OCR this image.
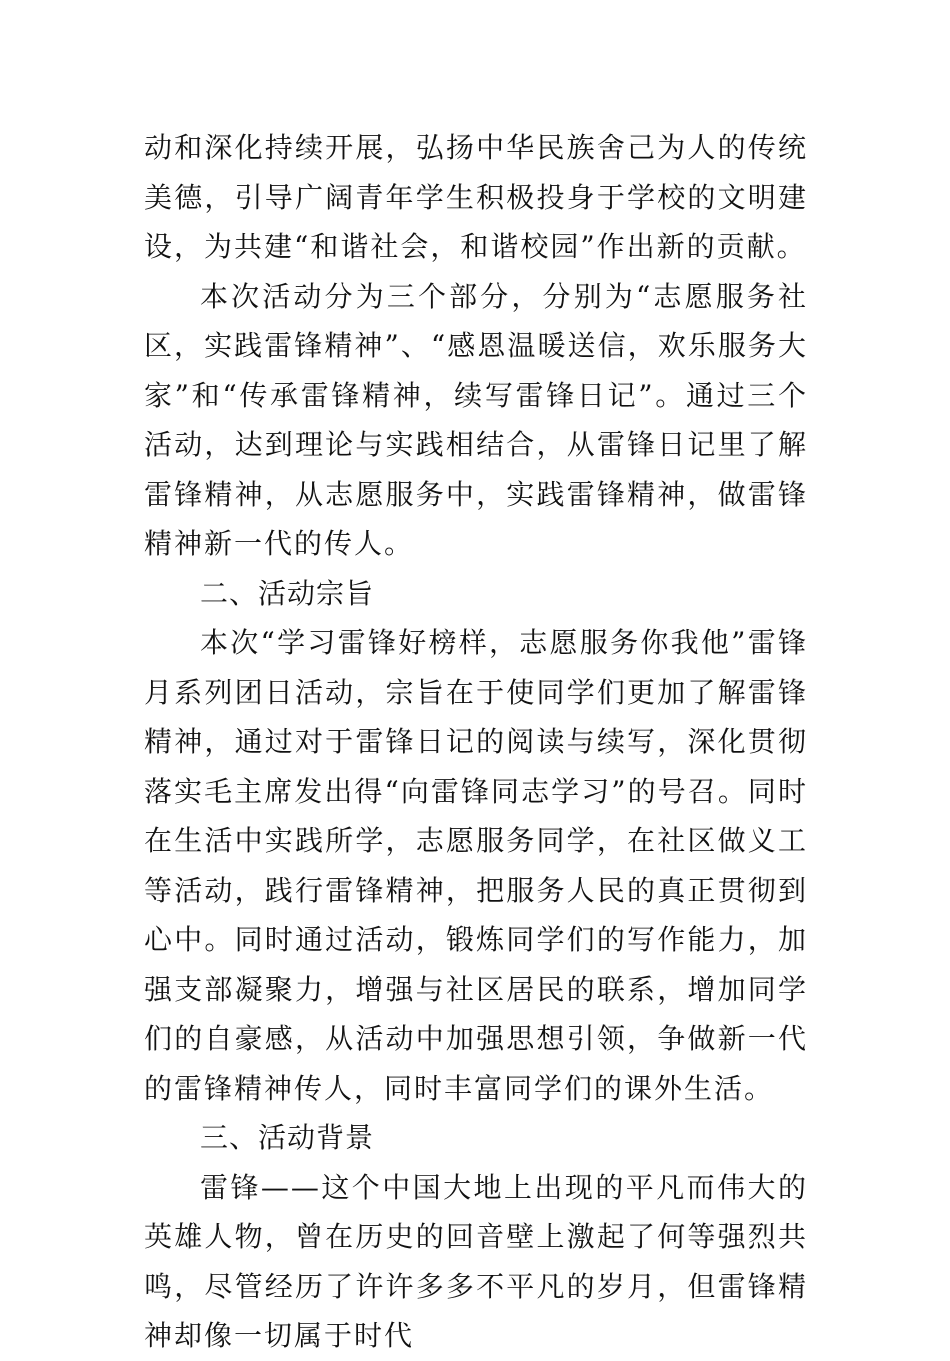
动和深化持续开展，弘扬中华民族舍己为人的传统美德，引导广阔青年学生积极投身于学校的文明建设，为共建“和谐社会，和谐校园”作出新的贡献。

本次活动分为三个部分，分别为“志愿服务社区，实践雷锋精神”、“感恩温暖送信，欢乐服务大家”和“传承雷锋精神，续写雷锋日记”。通过三个活动，达到理论与实践相结合，从雷锋日记里了解雷锋精神，从志愿服务中，实践雷锋精神，做雷锋精神新一代的传人。

二、活动宗旨

本次“学习雷锋好榜样，志愿服务你我他”雷锋月系列团日活动，宗旨在于使同学们更加了解雷锋精神，通过对于雷锋日记的阅读与续写，深化贯彻落实毛主席发出得“向雷锋同志学习”的号召。同时在生活中实践所学，志愿服务同学，在社区做义工等活动，践行雷锋精神，把服务人民的真正贯彻到心中。同时通过活动，锻炼同学们的写作能力，加强支部凝聚力，增强与社区居民的联系，增加同学们的自豪感，从活动中加强思想引领，争做新一代的雷锋精神传人，同时丰富同学们的课外生活。

三、活动背景

雷锋——这个中国大地上出现的平凡而伟大的英雄人物，曾在历史的回音壁上激起了何等强烈共鸣，尽管经历了许许多多不平凡的岁月，但雷锋精神却像一切属于时代
